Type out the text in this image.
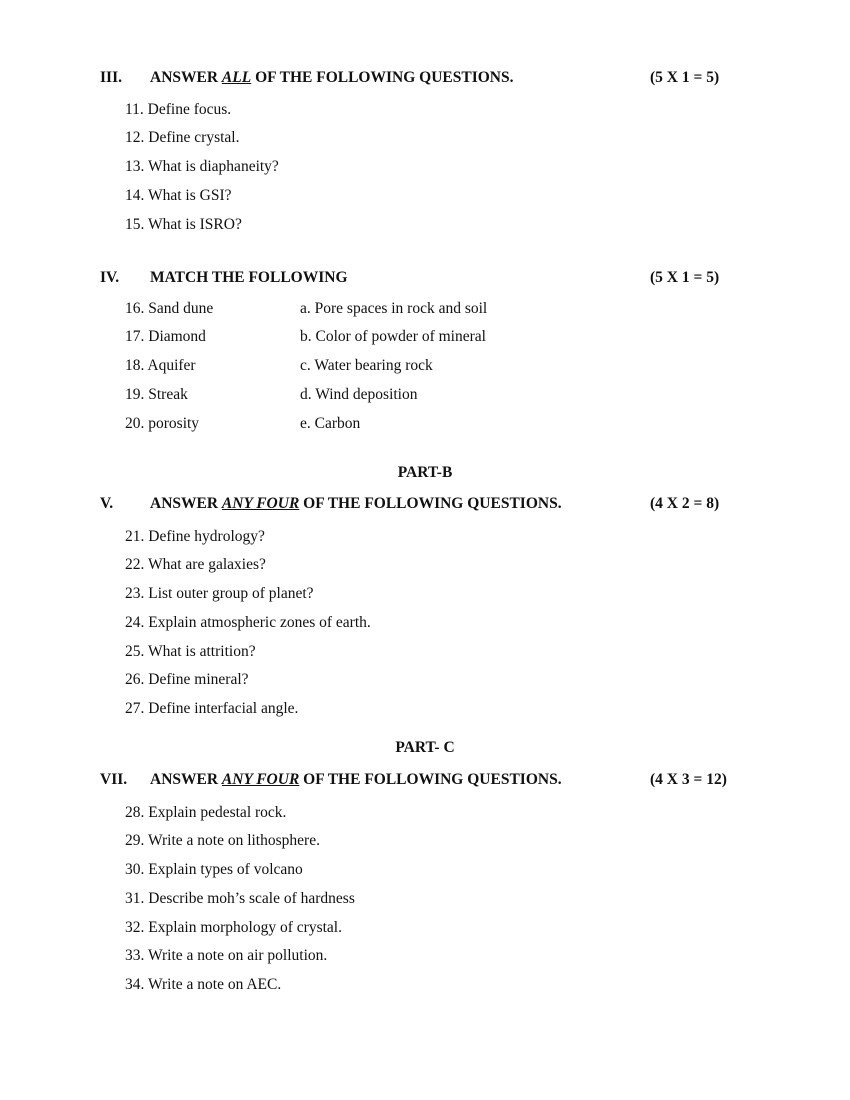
III. ANSWER ALL OF THE FOLLOWING QUESTIONS.	(5 X 1 = 5)
11. Define focus.
12. Define crystal.
13. What is diaphaneity?
14. What is GSI?
15. What is ISRO?
IV. MATCH THE FOLLOWING	(5 X 1 = 5)
16. Sand dune	a. Pore spaces in rock and soil
17. Diamond	b. Color of powder of mineral
18. Aquifer	c. Water bearing rock
19. Streak	d. Wind deposition
20. porosity	e. Carbon
PART-B
V. ANSWER ANY FOUR OF THE FOLLOWING QUESTIONS.	(4 X 2 = 8)
21. Define hydrology?
22. What are galaxies?
23. List outer group of planet?
24. Explain atmospheric zones of earth.
25. What is attrition?
26. Define mineral?
27. Define interfacial angle.
PART- C
VII. ANSWER ANY FOUR OF THE FOLLOWING QUESTIONS.	(4 X 3 = 12)
28. Explain pedestal rock.
29. Write a note on lithosphere.
30. Explain types of volcano
31. Describe moh’s scale of hardness
32. Explain morphology of crystal.
33. Write a note on air pollution.
34. Write a note on AEC.
